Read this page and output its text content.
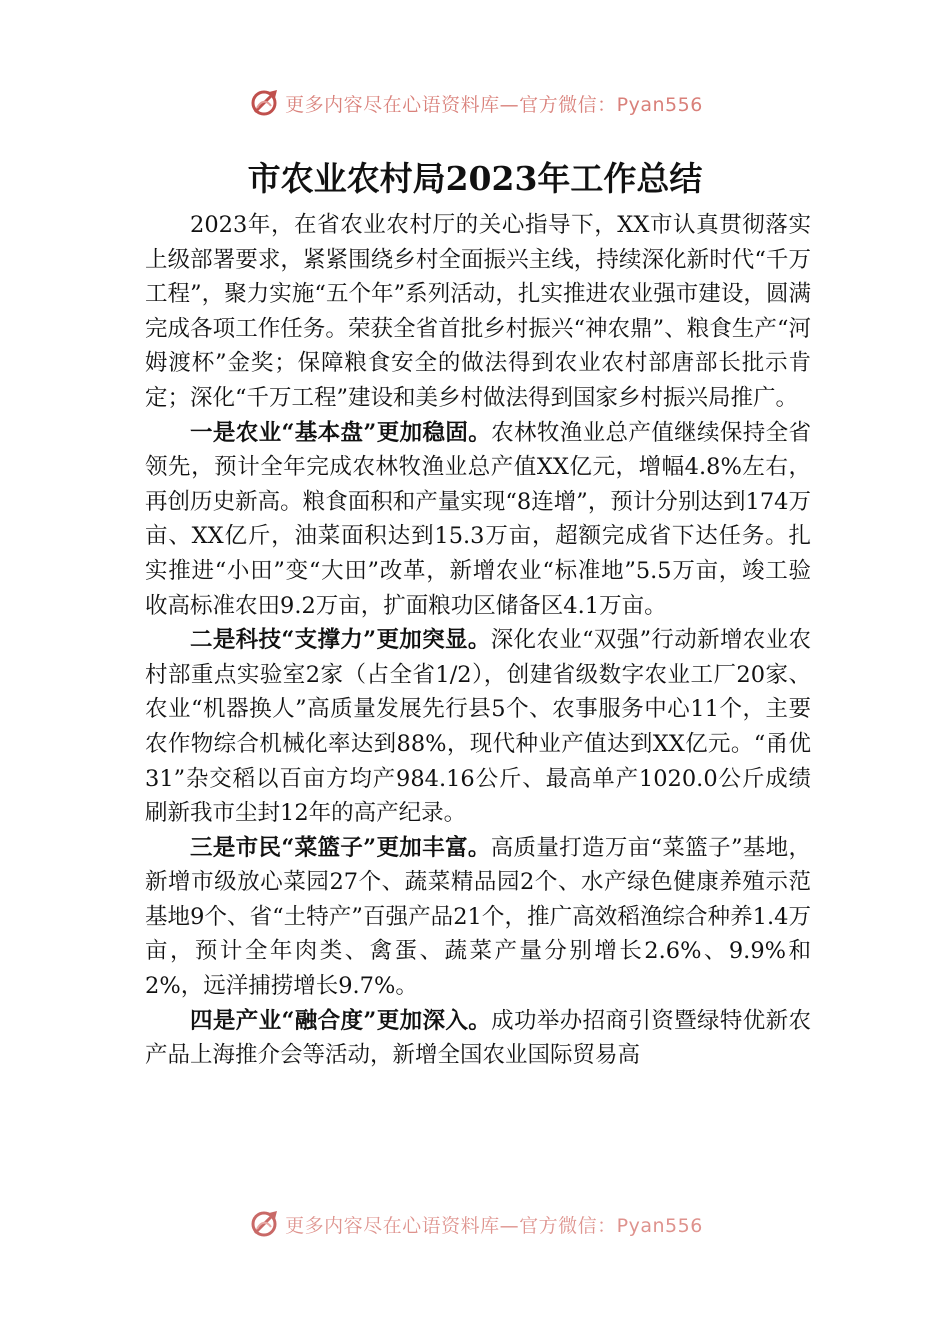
更多内容尽在心语资料库—官方微信：Pyan556
市农业农村局2023年工作总结

2023年，在省农业农村厅的关心指导下，XX市认真贯彻落实上级部署要求，紧紧围绕乡村全面振兴主线，持续深化新时代“千万工程”，聚力实施“五个年”系列活动，扎实推进农业强市建设，圆满完成各项工作任务。荣获全省首批乡村振兴“神农鼎”、粮食生产“河姆渡杯”金奖；保障粮食安全的做法得到农业农村部唐部长批示肯定；深化“千万工程”建设和美乡村做法得到国家乡村振兴局推广。

一是农业“基本盘”更加稳固。农林牧渔业总产值继续保持全省领先，预计全年完成农林牧渔业总产值XX亿元，增幅4.8%左右，再创历史新高。粮食面积和产量实现“8连增”，预计分别达到174万亩、XX亿斤，油菜面积达到15.3万亩，超额完成省下达任务。扎实推进“小田”变“大田”改革，新增农业“标准地”5.5万亩，竣工验收高标准农田9.2万亩，扩面粮功区储备区4.1万亩。

二是科技“支撑力”更加突显。深化农业“双强”行动新增农业农村部重点实验室2家（占全省1/2），创建省级数字农业工厂20家、农业“机器换人”高质量发展先行县5个、农事服务中心11个，主要农作物综合机械化率达到88%，现代种业产值达到XX亿元。“甬优31”杂交稻以百亩方均产984.16公斤、最高单产1020.0公斤成绩刷新我市尘封12年的高产纪录。

三是市民“菜篮子”更加丰富。高质量打造万亩“菜篮子”基地，新增市级放心菜园27个、蔬菜精品园2个、水产绿色健康养殖示范基地9个、省“土特产”百强产品21个，推广高效稻渔综合种养1.4万亩，预计全年肉类、禽蛋、蔬菜产量分别增长2.6%、9.9%和2%，远洋捕捞增长9.7%。

四是产业“融合度”更加深入。成功举办招商引资暨绿特优新农产品上海推介会等活动，新增全国农业国际贸易高

更多内容尽在心语资料库—官方微信：Pyan556
